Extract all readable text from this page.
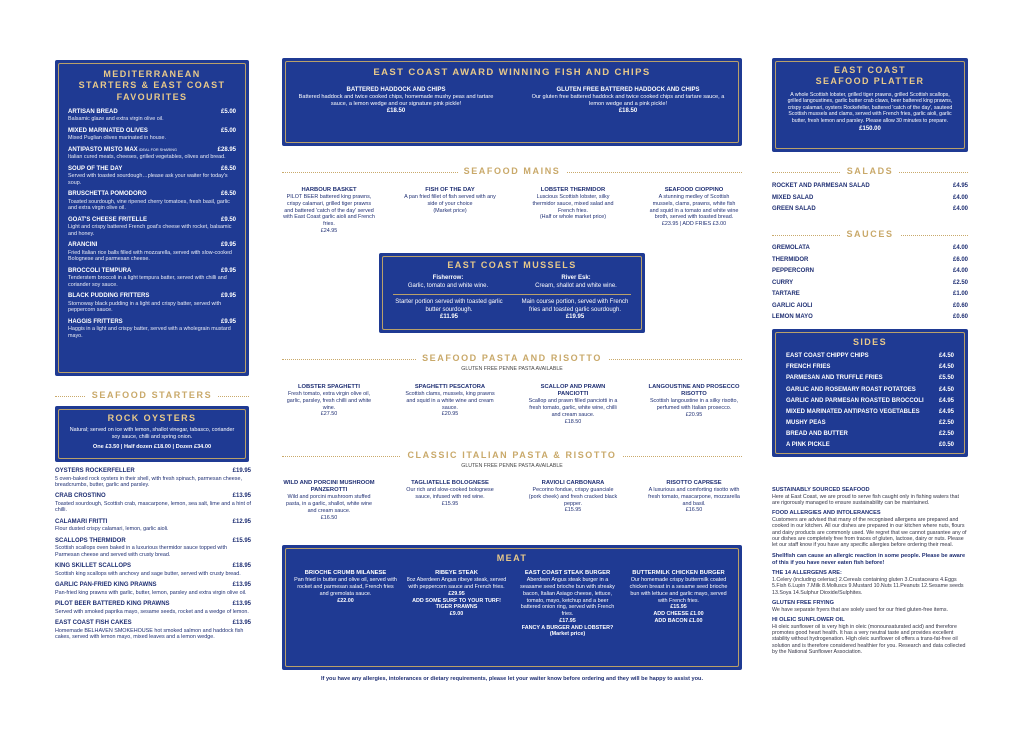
MEDITERRANEAN STARTERS & EAST COAST FAVOURITES
ARTISAN BREAD	£5.00
Balsamic glaze and extra virgin olive oil.
MIXED MARINATED OLIVES	£5.00
Mixed Puglian olives marinated in house.
ANTIPASTO MISTO MAX IDEAL FOR SHARING	£28.95
Italian cured meats, cheeses, grilled vegetables, olives and bread.
SOUP OF THE DAY	£6.50
Served with toasted sourdough…please ask your waiter for today's soup.
BRUSCHETTA POMODORO	£6.50
Toasted sourdough, vine ripened cherry tomatoes, fresh basil, garlic and extra virgin olive oil.
GOAT'S CHEESE FRITELLE	£9.50
Light and crispy battered French goat's cheese with rocket, balsamic and honey.
ARANCINI	£9.95
Fried Italian rice balls filled with mozzarella, served with slow-cooked Bolognese and parmesan cheese.
BROCCOLI TEMPURA	£9.95
Tenderstem broccoli in a light tempura batter, served with chilli and coriander soy sauce.
BLACK PUDDING FRITTERS	£9.95
Stornoway black pudding in a light and crispy batter, served with peppercorn sauce.
HAGGIS FRITTERS	£9.95
Haggis in a light and crispy batter, served with a wholegrain mustard mayo.
SEAFOOD STARTERS
ROCK OYSTERS
Natural; served on ice with lemon, shallot vinegar, tabasco, coriander soy sauce, chilli and spring onion.
One £3.50 | Half dozen £18.00 | Dozen £34.00
OYSTERS ROCKERFELLER	£19.95
5 oven-baked rock oysters in their shell, with fresh spinach, parmesan cheese, breadcrumbs, butter, garlic and parsley.
CRAB CROSTINO	£13.95
Toasted sourdough, Scottish crab, mascarpone, lemon, sea salt, lime and a hint of chilli.
CALAMARI FRITTI	£12.95
Flour dusted crispy calamari, lemon, garlic aioli.
SCALLOPS THERMIDOR	£15.95
Scottish scallops oven baked in a luxurious thermidor sauce topped with Parmesan cheese and served with crusty bread.
KING SKILLET SCALLOPS	£18.95
Scottish king scallops with anchovy and sage butter, served with crusty bread.
GARLIC PAN-FRIED KING PRAWNS	£13.95
Pan-fried king prawns with garlic, butter, lemon, parsley and extra virgin olive oil.
PILOT BEER BATTERED KING PRAWNS	£13.95
Served with smoked paprika mayo, sesame seeds, rocket and a wedge of lemon.
EAST COAST FISH CAKES	£13.95
Homemade BELHAVEN SMOKEHOUSE hot smoked salmon and haddock fish cakes, served with lemon mayo, mixed leaves and a lemon wedge.
EAST COAST AWARD WINNING FISH AND CHIPS
BATTERED HADDOCK AND CHIPS
Battered haddock and twice cooked chips, homemade mushy peas and tartare sauce, a lemon wedge and our signature pink pickle!
£18.50
GLUTEN FREE BATTERED HADDOCK AND CHIPS
Our gluten free battered haddock and twice cooked chips and tartare sauce, a lemon wedge and a pink pickle!
£18.50
SEAFOOD MAINS
HARBOUR BASKET
PILOT BEER battered king prawns, crispy calamari, grilled tiger prawns and battered 'catch of the day' served with East Coast garlic aioli and French fries.
£24.95
FISH OF THE DAY
A pan fried fillet of fish served with any side of your choice
(Market price)
LOBSTER THERMIDOR
Luscious Scottish lobster, silky thermidor sauce, mixed salad and French fries.
(Half or whole market price)
SEAFOOD CIOPPINO
A stunning medley of Scottish mussels, clams, prawns, white fish and squid in a tomato and white wine broth, served with toasted bread.
£23.95 | ADD FRIES £3.00
EAST COAST MUSSELS
Fisherrow:
Garlic, tomato and white wine.
River Esk:
Cream, shallot and white wine.
Starter portion served with toasted garlic butter sourdough.
£11.95
Main course portion, served with French fries and toasted garlic sourdough.
£19.95
SEAFOOD PASTA AND RISOTTO
GLUTEN FREE PENNE PASTA AVAILABLE
LOBSTER SPAGHETTI
Fresh tomato, extra virgin olive oil, garlic, parsley, fresh chilli and white wine.
£27.50
SPAGHETTI PESCATORA
Scottish clams, mussels, king prawns and squid in a white wine and cream sauce.
£20.95
SCALLOP AND PRAWN PANCIOTTI
Scallop and prawn filled panciotti in a fresh tomato, garlic, white wine, chilli and cream sauce.
£18.50
LANGOUSTINE AND PROSECCO RISOTTO
Scottish langoustine in a silky risotto, perfumed with Italian prosecco.
£20.95
CLASSIC ITALIAN PASTA & RISOTTO
GLUTEN FREE PENNE PASTA AVAILABLE
WILD AND PORCINI MUSHROOM PANZEROTTI
Wild and porcini mushroom stuffed pasta, in a garlic, shallot, white wine and cream sauce.
£16.50
TAGLIATELLE BOLOGNESE
Our rich and slow-cooked bolognese sauce, infused with red wine.
£15.95
RAVIOLI CARBONARA
Pecorino fondue, crispy guanciale (pork cheek) and fresh cracked black pepper.
£15.95
RISOTTO CAPRESE
A luxurious and comforting risotto with fresh tomato, mascarpone, mozzarella and basil.
£16.50
MEAT
BRIOCHE CRUMB MILANESE
Pan fried in butter and olive oil, served with rocket and parmesan salad, French fries and gremolata sauce.
£22.00
RIBEYE STEAK
8oz Aberdeen Angus ribeye steak, served with peppercorn sauce and French fries.
£29.95
ADD SOME SURF TO YOUR TURF! TIGER PRAWNS
£9.00
EAST COAST STEAK BURGER
Aberdeen Angus steak burger in a seasame seed brioche bun with streaky bacon, Italian Asiago cheese, lettuce, tomato, mayo, ketchup and a beer battered onion ring, served with French fries.
£17.95
FANCY A BURGER AND LOBSTER?
(Market price)
BUTTERMILK CHICKEN BURGER
Our homemade crispy buttermilk coated chicken breast in a sesame seed brioche bun with lettuce and garlic mayo, served with French fries.
£15.95
ADD CHEESE £1.00
ADD BACON £1.00
If you have any allergies, intolerances or dietary requirements, please let your waiter know before ordering and they will be happy to assist you.
EAST COAST SEAFOOD PLATTER
A whole Scottish lobster, grilled tiger prawns, grilled Scottish scallops, grilled langoustines, garlic butter crab claws, beer battered king prawns, crispy calamari, oysters Rockefeller, battered 'catch of the day', sauteed Scottish mussels and clams, served with French fries, garlic aioli, garlic butter, fresh lemon and parsley. Please allow 30 minutes to prepare.
£150.00
SALADS
ROCKET AND PARMESAN SALAD	£4.95
MIXED SALAD	£4.00
GREEN SALAD	£4.00
SAUCES
GREMOLATA	£4.00
THERMIDOR	£6.00
PEPPERCORN	£4.00
CURRY	£2.50
TARTARE	£1.00
GARLIC AIOLI	£0.60
LEMON MAYO	£0.60
SIDES
EAST COAST CHIPPY CHIPS	£4.50
FRENCH FRIES	£4.50
PARMESAN AND TRUFFLE FRIES	£5.50
GARLIC AND ROSEMARY ROAST POTATOES	£4.50
GARLIC AND PARMESAN ROASTED BROCCOLI	£4.95
MIXED MARINATED ANTIPASTO VEGETABLES	£4.95
MUSHY PEAS	£2.50
BREAD AND BUTTER	£2.50
A PINK PICKLE	£0.50
SUSTAINABLY SOURCED SEAFOOD
Here at East Coast, we are proud to serve fish caught only in fishing waters that are rigorously managed to ensure sustainability can be maintained.
FOOD ALLERGIES AND INTOLERANCES
Customers are advised that many of the recognised allergens are prepared and cooked in our kitchen. All our dishes are prepared in our kitchen where nuts, flours and dairy products are commonly used. We regret that we cannot guarantee any of our dishes are completely free from traces of gluten, lactose, dairy or nuts. Please let our staff know if you have any specific allergies before ordering their meal.
Shellfish can cause an allergic reaction in some people. Please be aware of this if you have never eaten fish before!
THE 14 ALLERGENS ARE:
1.Celery (including celeriac) 2.Cereals containing gluten 3.Crustaceans 4.Eggs 5.Fish 6.Lupin 7.Milk 8.Molluscs 9.Mustard 10.Nuts 11.Peanuts 12.Sesame seeds 13.Soya 14.Sulphur Dioxide/Sulphites.
GLUTEN FREE FRYING
We have separate fryers that are solely used for our fried gluten-free items.
HI OLEIC SUNFLOWER OIL
Hi oleic sunflower oil is very high in oleic (monounsaturated acid) and therefore promotes good heart health. It has a very neutral taste and provides excellent stability without hydrogenation. High oleic sunflower oil offers a trans-fat-free oil solution and is therefore considered healthier for you. Research and data collected by the National Sunflower Association.
